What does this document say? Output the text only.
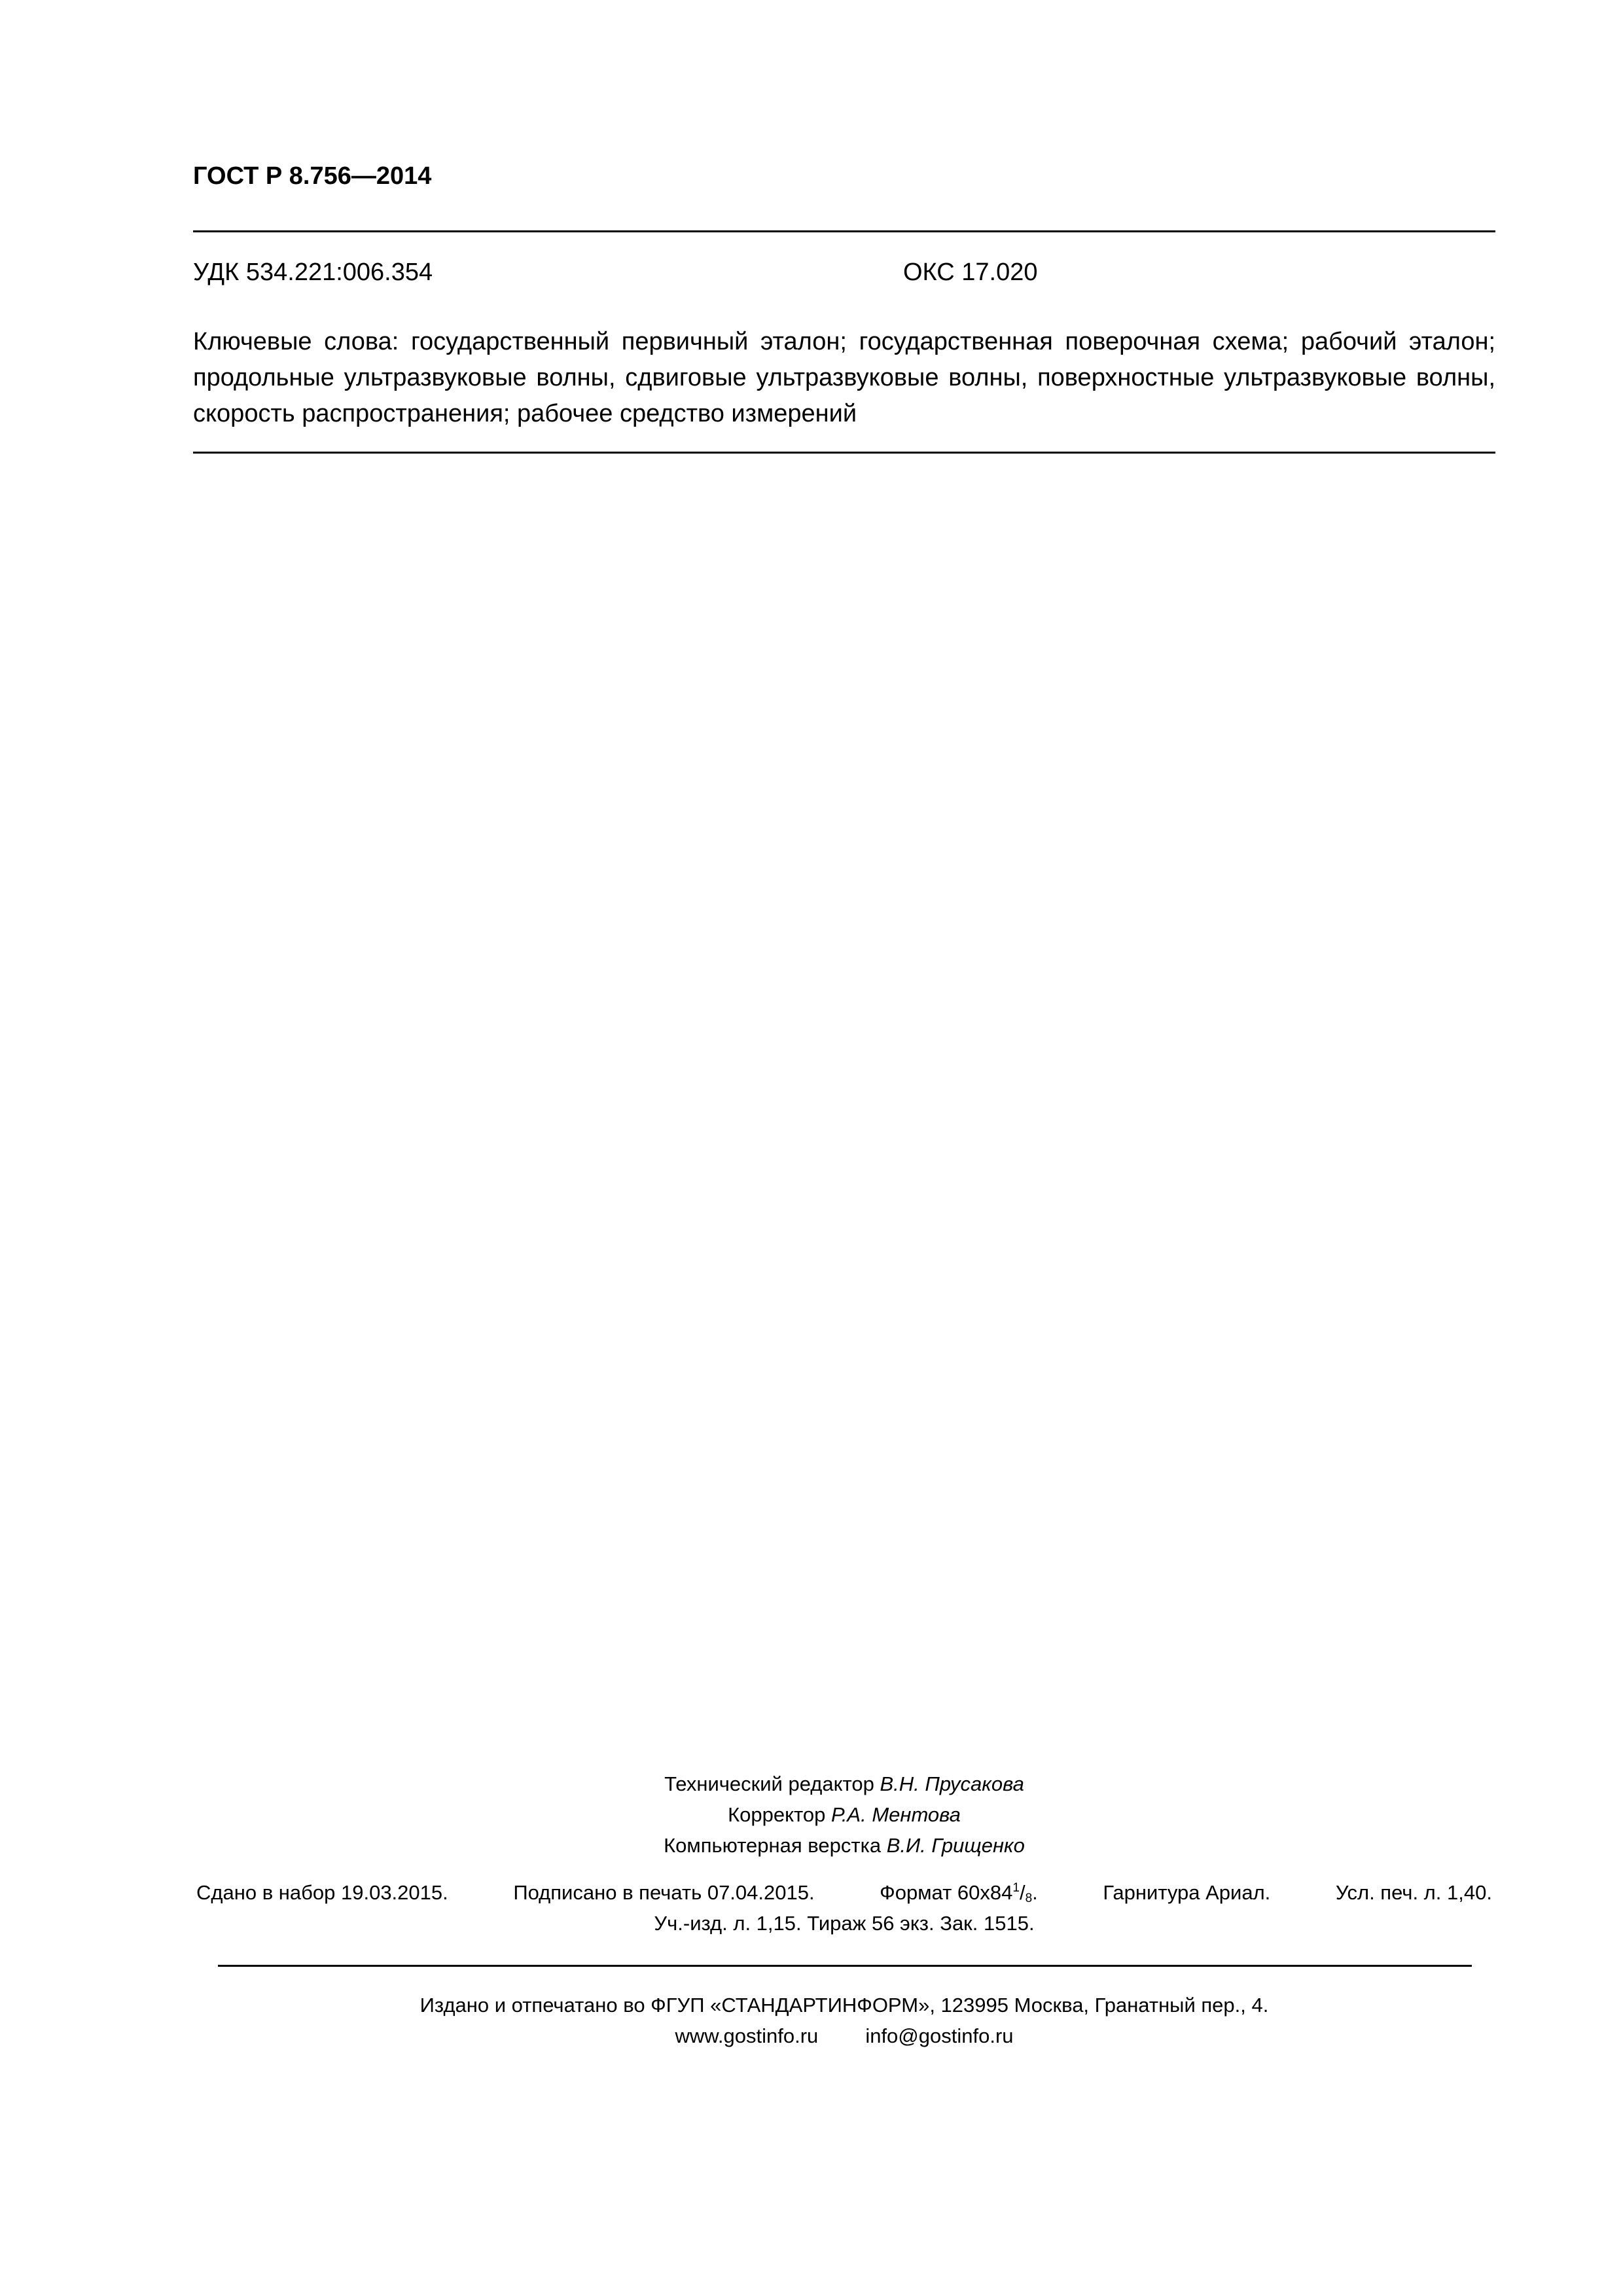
ГОСТ Р 8.756—2014
УДК 534.221:006.354	ОКС 17.020
Ключевые слова: государственный первичный эталон; государственная поверочная схема; рабочий эталон; продольные ультразвуковые волны, сдвиговые ультразвуковые волны, поверхностные ультразвуковые волны, скорость распространения; рабочее средство измерений
Технический редактор В.Н. Прусакова
Корректор Р.А. Ментова
Компьютерная верстка В.И. Грищенко
Сдано в набор 19.03.2015.	Подписано в печать 07.04.2015.	Формат $60x84^1/_8$.	Гарнитура Ариал.	Усл. печ. л. 1,40.
Уч.-изд. л. 1,15. Тираж 56 экз. Зак. 1515.
Издано и отпечатано во ФГУП «СТАНДАРТИНФОРМ», 123995 Москва, Гранатный пер., 4.
www.gostinfo.ru info@gostinfo.ru
